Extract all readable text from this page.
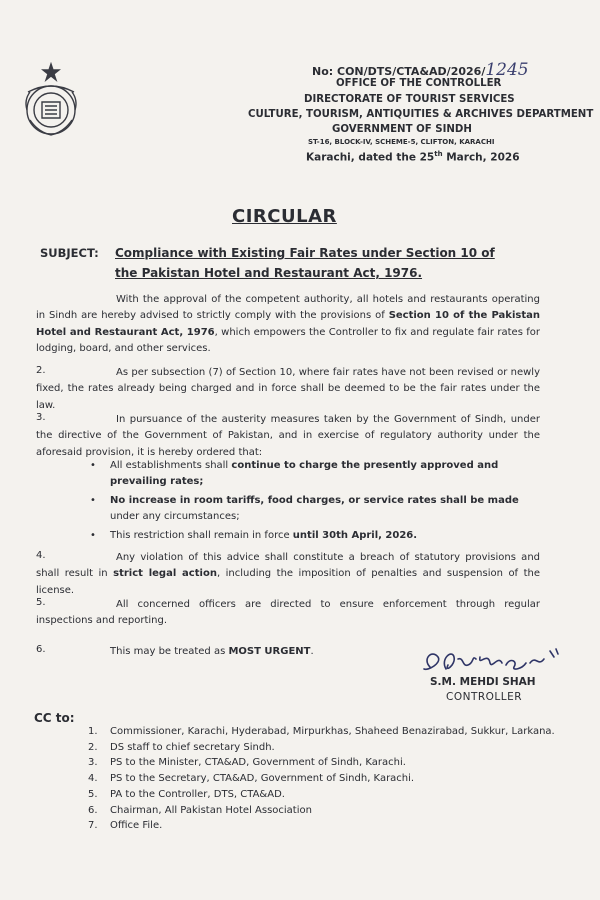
No: CON/DTS/CTA&AD/2026/1245
OFFICE OF THE CONTROLLER
DIRECTORATE OF TOURIST SERVICES
CULTURE, TOURISM, ANTIQUITIES & ARCHIVES DEPARTMENT
GOVERNMENT OF SINDH
ST-16, BLOCK-IV, SCHEME-5, CLIFTON, KARACHI
Karachi, dated the 25th March, 2026
CIRCULAR
SUBJECT: Compliance with Existing Fair Rates under Section 10 of the Pakistan Hotel and Restaurant Act, 1976.
With the approval of the competent authority, all hotels and restaurants operating in Sindh are hereby advised to strictly comply with the provisions of Section 10 of the Pakistan Hotel and Restaurant Act, 1976, which empowers the Controller to fix and regulate fair rates for lodging, board, and other services.
2.	As per subsection (7) of Section 10, where fair rates have not been revised or newly fixed, the rates already being charged and in force shall be deemed to be the fair rates under the law.
3.	In pursuance of the austerity measures taken by the Government of Sindh, under the directive of the Government of Pakistan, and in exercise of regulatory authority under the aforesaid provision, it is hereby ordered that:
• All establishments shall continue to charge the presently approved and prevailing rates;
• No increase in room tariffs, food charges, or service rates shall be made under any circumstances;
• This restriction shall remain in force until 30th April, 2026.
4.	Any violation of this advice shall constitute a breach of statutory provisions and shall result in strict legal action, including the imposition of penalties and suspension of the license.
5.	All concerned officers are directed to ensure enforcement through regular inspections and reporting.
6.	This may be treated as MOST URGENT.
S.M. MEHDI SHAH
CONTROLLER
CC to:
1. Commissioner, Karachi, Hyderabad, Mirpurkhas, Shaheed Benazirabad, Sukkur, Larkana.
2. DS staff to chief secretary Sindh.
3. PS to the Minister, CTA&AD, Government of Sindh, Karachi.
4. PS to the Secretary, CTA&AD, Government of Sindh, Karachi.
5. PA to the Controller, DTS, CTA&AD.
6. Chairman, All Pakistan Hotel Association
7. Office File.
